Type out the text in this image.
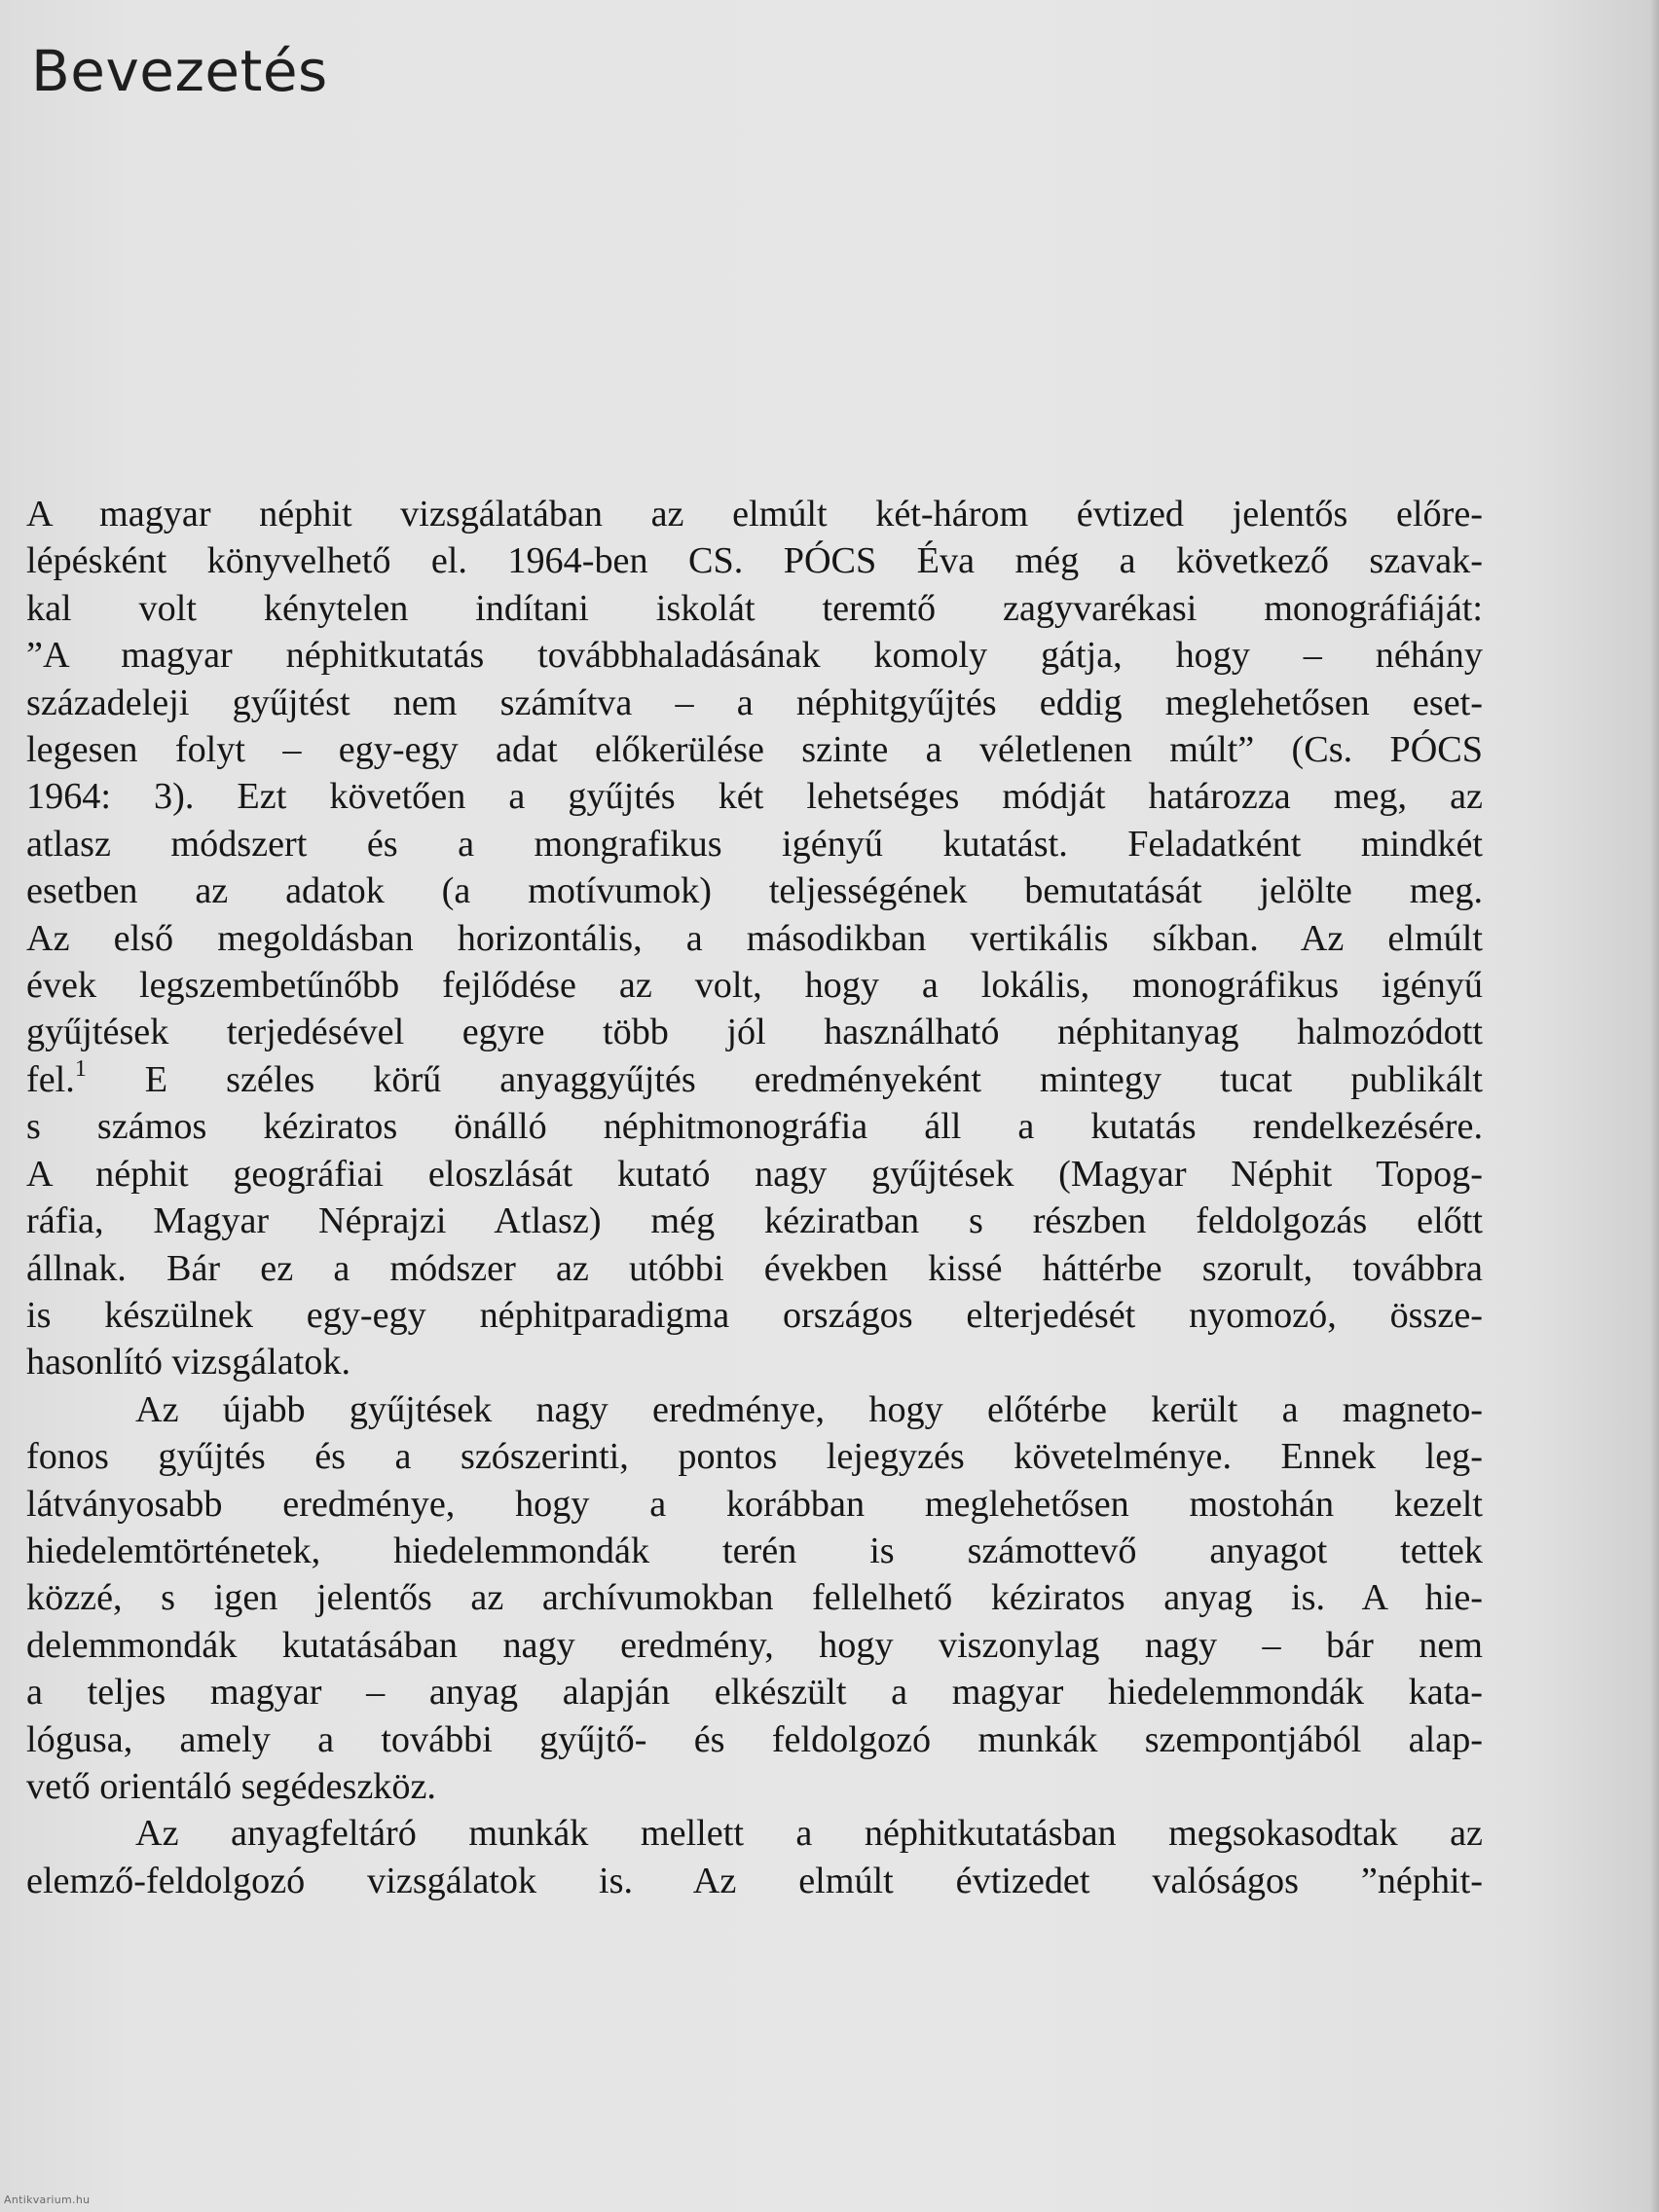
Bevezetés

A magyar néphit vizsgálatában az elmúlt két-három évtized jelentős előre-
lépésként könyvelhető el. 1964-ben CS. PÓCS Éva még a következő szavak-
kal volt kénytelen indítani iskolát teremtő zagyvarékasi monográfiáját:
”A magyar néphitkutatás továbbhaladásának komoly gátja, hogy – néhány
századeleji gyűjtést nem számítva – a néphitgyűjtés eddig meglehetősen eset-
legesen folyt – egy-egy adat előkerülése szinte a véletlenen múlt” (Cs. PÓCS
1964: 3). Ezt követően a gyűjtés két lehetséges módját határozza meg, az
atlasz módszert és a mongrafikus igényű kutatást. Feladatként mindkét
esetben az adatok (a motívumok) teljességének bemutatását jelölte meg.
Az első megoldásban horizontális, a másodikban vertikális síkban. Az elmúlt
évek legszembetűnőbb fejlődése az volt, hogy a lokális, monográfikus igényű
gyűjtések terjedésével egyre több jól használható néphitanyag halmozódott
fel.$^1$ E széles körű anyaggyűjtés eredményeként mintegy tucat publikált
s számos kéziratos önálló néphitmonográfia áll a kutatás rendelkezésére.
A néphit geográfiai eloszlását kutató nagy gyűjtések (Magyar Néphit Topog-
ráfia, Magyar Néprajzi Atlasz) még kéziratban s részben feldolgozás előtt
állnak. Bár ez a módszer az utóbbi években kissé háttérbe szorult, továbbra
is készülnek egy-egy néphitparadigma országos elterjedését nyomozó, össze-
hasonlító vizsgálatok.

Az újabb gyűjtések nagy eredménye, hogy előtérbe került a magneto-
fonos gyűjtés és a szószerinti, pontos lejegyzés követelménye. Ennek leg-
látványosabb eredménye, hogy a korábban meglehetősen mostohán kezelt
hiedelemtörténetek, hiedelemmondák terén is számottevő anyagot tettek
közzé, s igen jelentős az archívumokban fellelhető kéziratos anyag is. A hie-
delemmondák kutatásában nagy eredmény, hogy viszonylag nagy – bár nem
a teljes magyar – anyag alapján elkészült a magyar hiedelemmondák kata-
lógusa, amely a további gyűjtő- és feldolgozó munkák szempontjából alap-
vető orientáló segédeszköz.

Az anyagfeltáró munkák mellett a néphitkutatásban megsokasodtak az
elemző-feldolgozó vizsgálatok is. Az elmúlt évtizedet valóságos ”néphit-

Antikvarium.hu
